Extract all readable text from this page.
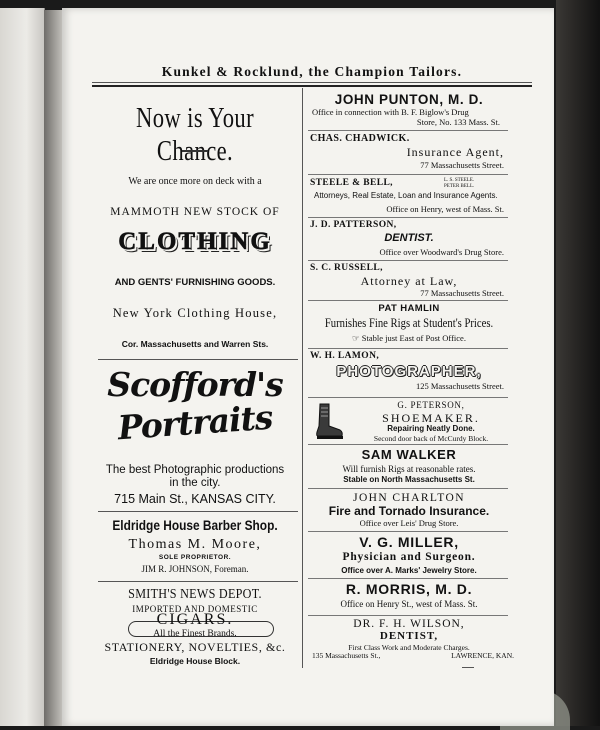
Kunkel & Rocklund, the Champion Tailors.
Now is Your Chance.
We are once more on deck with a
MAMMOTH NEW STOCK OF
CLOTHING
AND GENTS' FURNISHING GOODS.
New York Clothing House,
Cor. Massachusetts and Warren Sts.
Scofford's
Portraits
The best Photographic productions in the city.
715 Main St., KANSAS CITY.
Eldridge House Barber Shop.
Thomas M. Moore,
SOLE PROPRIETOR.
JIM R. JOHNSON, Foreman.
SMITH'S NEWS DEPOT.
IMPORTED AND DOMESTIC
CIGARS.
All the Finest Brands.
STATIONERY, NOVELTIES, &c.
Eldridge House Block.
JOHN PUNTON, M. D.
Office in connection with B. F. Biglow's Drug
Store, No. 133 Mass. St.
CHAS. CHADWICK.
Insurance Agent,
77 Massachusetts Street.
STEELE & BELL,	L. S. STEELE.
PETER BELL.
Attorneys, Real Estate, Loan and Insurance Agents.
Office on Henry, west of Mass. St.
J. D. PATTERSON,
DENTIST.
Office over Woodward's Drug Store.
S. C. RUSSELL,
Attorney at Law,
77 Massachusetts Street.
PAT HAMLIN
Furnishes Fine Rigs at Student's Prices.
☞ Stable just East of Post Office.
W. H. LAMON,
PHOTOGRAPHER,
125 Massachusetts Street.
G. PETERSON,
SHOEMAKER.
Repairing Neatly Done.
Second door back of McCurdy Block.
SAM WALKER
Will furnish Rigs at reasonable rates.
Stable on North Massachusetts St.
JOHN CHARLTON
Fire and Tornado Insurance.
Office over Leis' Drug Store.
V. G. MILLER,
Physician and Surgeon.
Office over A. Marks' Jewelry Store.
R. MORRIS, M. D.
Office on Henry St., west of Mass. St.
DR. F. H. WILSON,
DENTIST,
First Class Work and Moderate Charges.
135 Massachusetts St.,	LAWRENCE, KAN.
